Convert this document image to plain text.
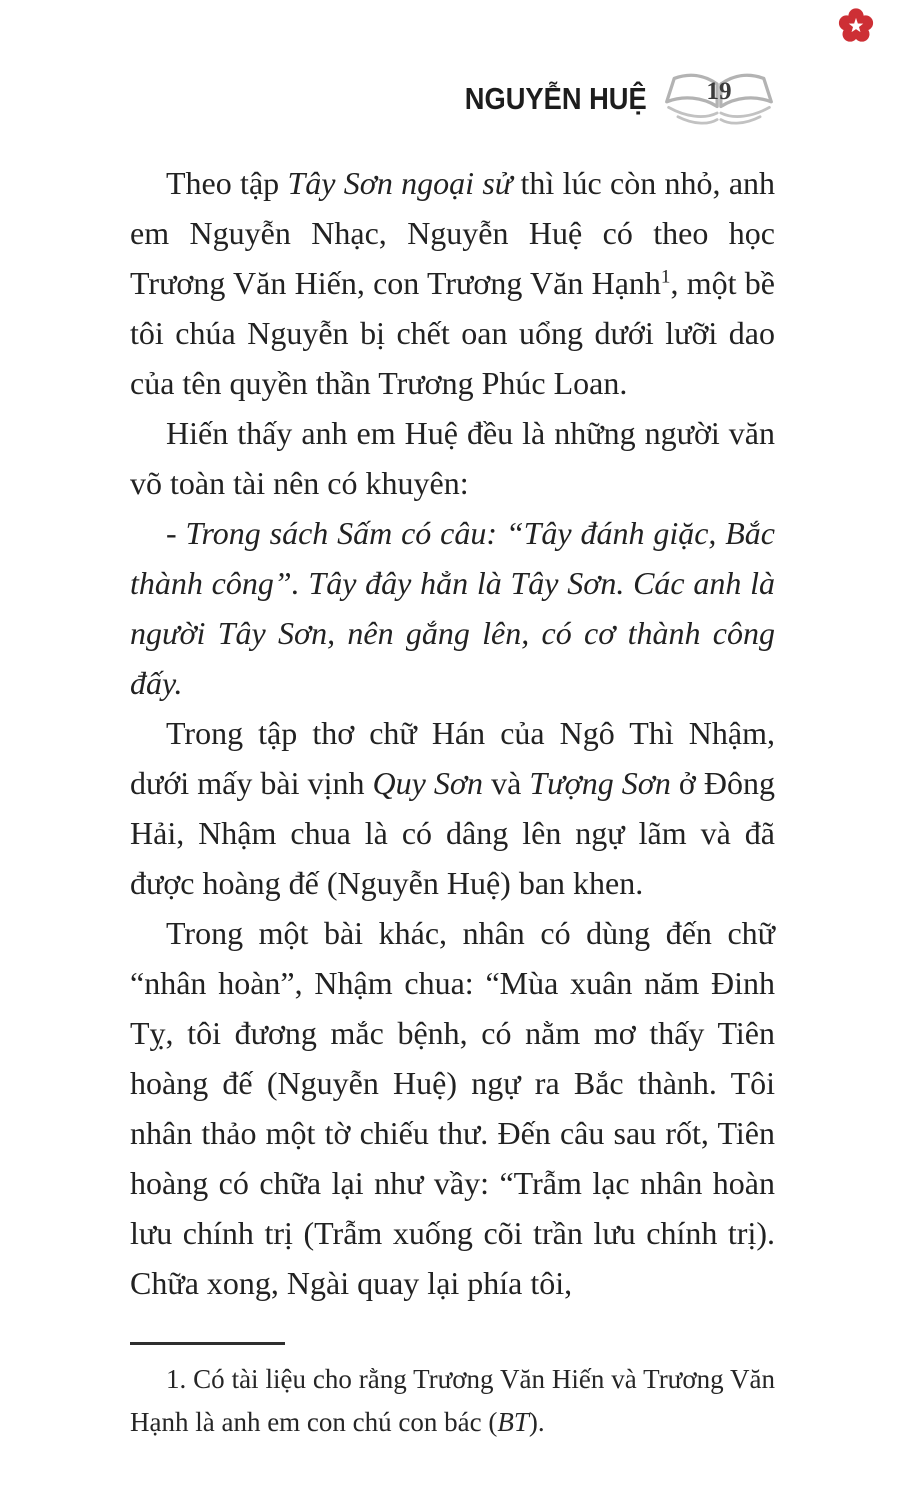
NGUYỄN HUỆ 19

Theo tập Tây Sơn ngoại sử thì lúc còn nhỏ, anh em Nguyễn Nhạc, Nguyễn Huệ có theo học Trương Văn Hiến, con Trương Văn Hạnh$^1$, một bề tôi chúa Nguyễn bị chết oan uổng dưới lưỡi dao của tên quyền thần Trương Phúc Loan.

Hiến thấy anh em Huệ đều là những người văn võ toàn tài nên có khuyên:

- Trong sách Sấm có câu: “Tây đánh giặc, Bắc thành công”. Tây đây hẳn là Tây Sơn. Các anh là người Tây Sơn, nên gắng lên, có cơ thành công đấy.

Trong tập thơ chữ Hán của Ngô Thì Nhậm, dưới mấy bài vịnh Quy Sơn và Tượng Sơn ở Đông Hải, Nhậm chua là có dâng lên ngự lãm và đã được hoàng đế (Nguyễn Huệ) ban khen.

Trong một bài khác, nhân có dùng đến chữ “nhân hoàn”, Nhậm chua: “Mùa xuân năm Đinh Tỵ, tôi đương mắc bệnh, có nằm mơ thấy Tiên hoàng đế (Nguyễn Huệ) ngự ra Bắc thành. Tôi nhân thảo một tờ chiếu thư. Đến câu sau rốt, Tiên hoàng có chữa lại như vầy: “Trẫm lạc nhân hoàn lưu chính trị (Trẫm xuống cõi trần lưu chính trị). Chữa xong, Ngài quay lại phía tôi,

1. Có tài liệu cho rằng Trương Văn Hiến và Trương Văn Hạnh là anh em con chú con bác (BT).
